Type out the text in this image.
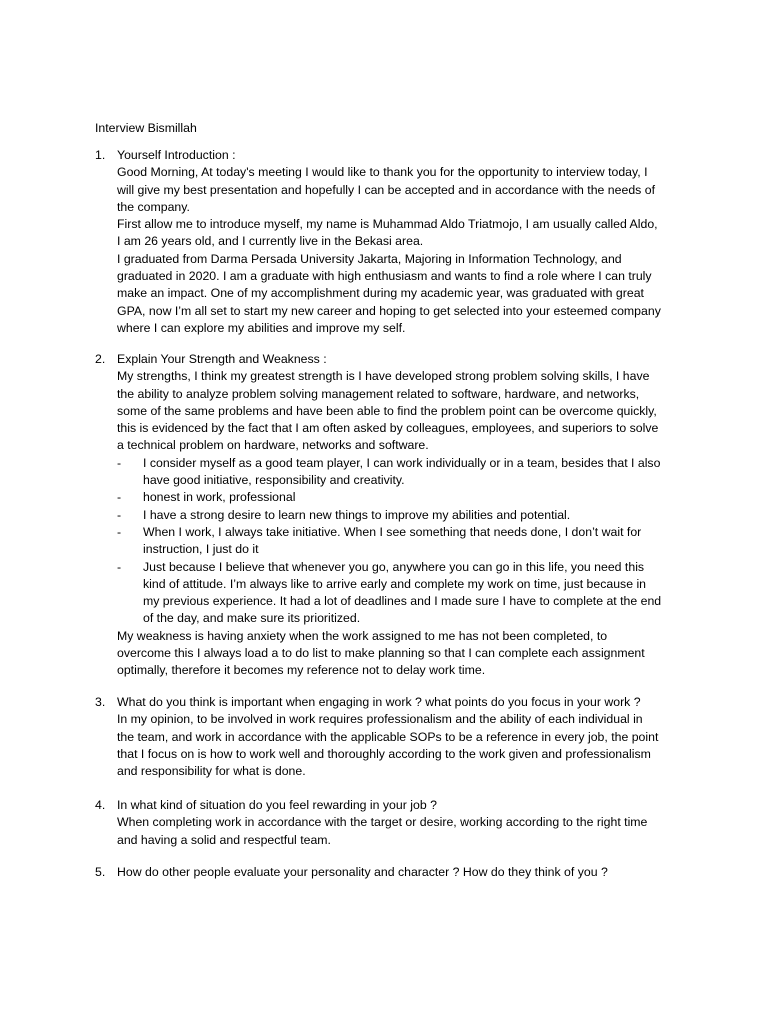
Interview Bismillah
1. Yourself Introduction :
Good Morning, At today's meeting I would like to thank you for the opportunity to interview today, I
will give my best presentation and hopefully I can be accepted and in accordance with the needs of
the company.
First allow me to introduce myself, my name is Muhammad Aldo Triatmojo, I am usually called Aldo,
I am 26 years old, and I currently live in the Bekasi area.
I graduated from Darma Persada University Jakarta, Majoring in Information Technology, and
graduated in 2020. I am a graduate with high enthusiasm and wants to find a role where I can truly
make an impact. One of my accomplishment during my academic year, was graduated with great
GPA, now I’m all set to start my new career and hoping to get selected into your esteemed company
where I can explore my abilities and improve my self.
2. Explain Your Strength and Weakness :
My strengths, I think my greatest strength is I have developed strong problem solving skills, I have
the ability to analyze problem solving management related to software, hardware, and networks,
some of the same problems and have been able to find the problem point can be overcome quickly,
this is evidenced by the fact that I am often asked by colleagues, employees, and superiors to solve
a technical problem on hardware, networks and software.
- I consider myself as a good team player, I can work individually or in a team, besides that I also
have good initiative, responsibility and creativity.
- honest in work, professional
- I have a strong desire to learn new things to improve my abilities and potential.
- When I work, I always take initiative. When I see something that needs done, I don’t wait for
instruction, I just do it
- Just because I believe that whenever you go, anywhere you can go in this life, you need this
kind of attitude. I’m always like to arrive early and complete my work on time, just because in
my previous experience. It had a lot of deadlines and I made sure I have to complete at the end
of the day, and make sure its prioritized.
My weakness is having anxiety when the work assigned to me has not been completed, to
overcome this I always load a to do list to make planning so that I can complete each assignment
optimally, therefore it becomes my reference not to delay work time.
3. What do you think is important when engaging in work ? what points do you focus in your work ?
In my opinion, to be involved in work requires professionalism and the ability of each individual in
the team, and work in accordance with the applicable SOPs to be a reference in every job, the point
that I focus on is how to work well and thoroughly according to the work given and professionalism
and responsibility for what is done.
4. In what kind of situation do you feel rewarding in your job ?
When completing work in accordance with the target or desire, working according to the right time
and having a solid and respectful team.
5. How do other people evaluate your personality and character ? How do they think of you ?
